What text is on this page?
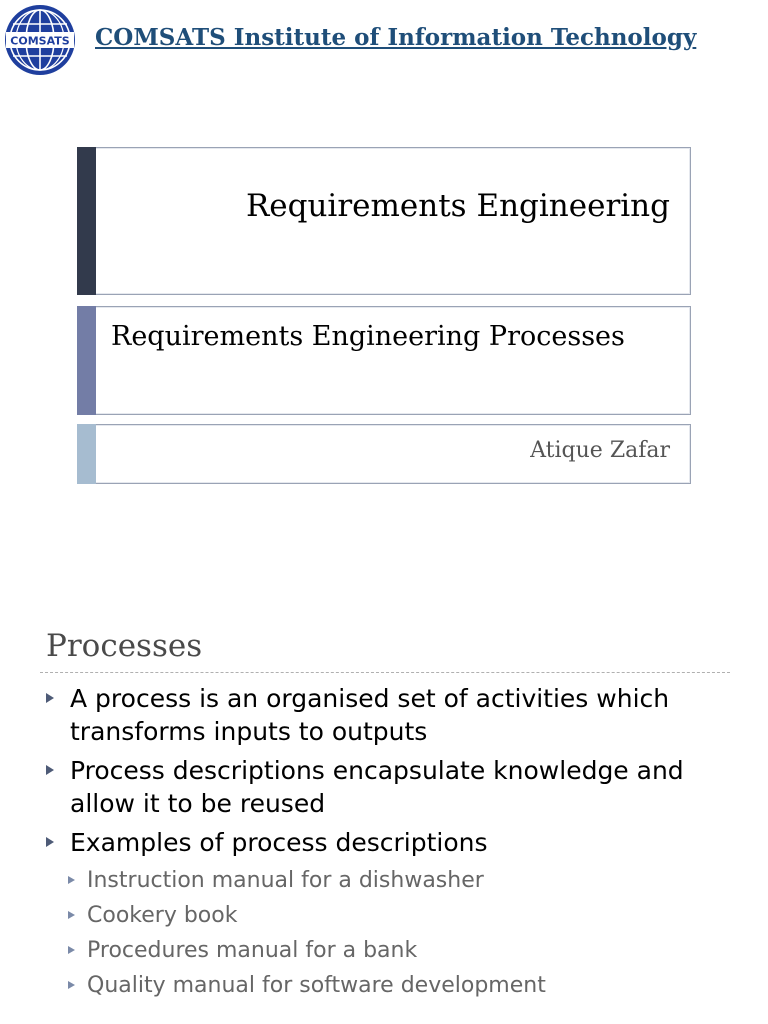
COMSATS COMSATS Institute of Information Technology
Requirements Engineering
Requirements Engineering Processes
Atique Zafar
Processes
A process is an organised set of activities which transforms inputs to outputs
Process descriptions encapsulate knowledge and allow it to be reused
Examples of process descriptions
Instruction manual for a dishwasher
Cookery book
Procedures manual for a bank
Quality manual for software development
